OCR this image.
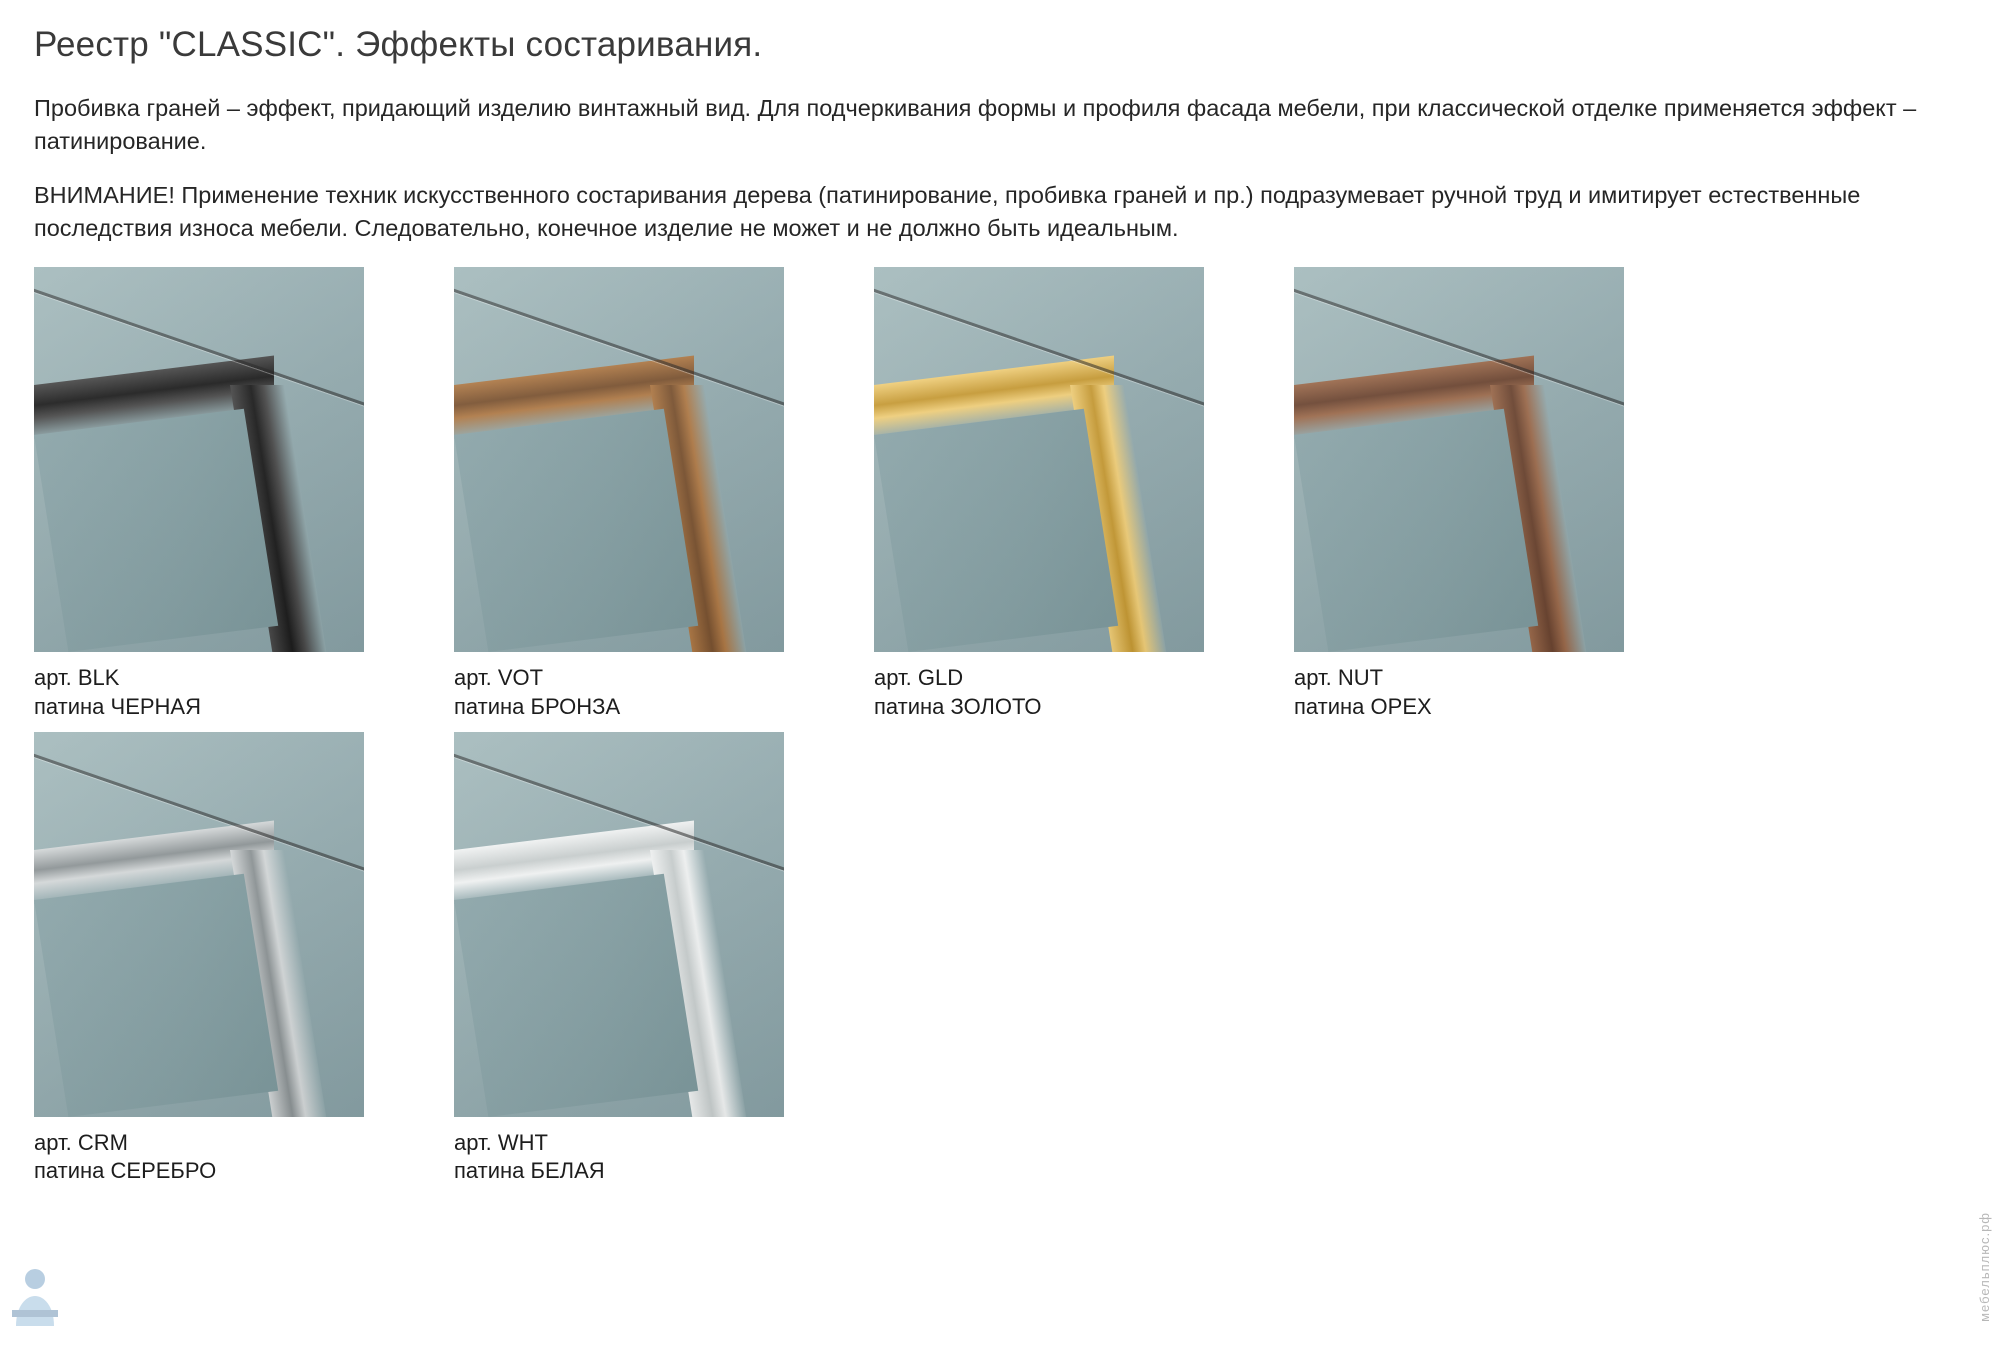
Реестр "CLASSIC". Эффекты состаривания.

Пробивка граней – эффект, придающий изделию винтажный вид. Для подчеркивания формы и профиля фасада мебели, при классической отделке применяется эффект – патинирование.

ВНИМАНИЕ! Применение техник искусственного состаривания дерева (патинирование, пробивка граней и пр.) подразумевает ручной труд и имитирует естественные последствия износа мебели. Следовательно, конечное изделие не может и не должно быть идеальным.

арт. BLK
патина ЧЕРНАЯ
арт. VOT
патина БРОНЗА
арт. GLD
патина ЗОЛОТО
арт. NUT
патина ОРЕХ
арт. CRM
патина СЕРЕБРО
арт. WHT
патина БЕЛАЯ
мебельплюс.рф
